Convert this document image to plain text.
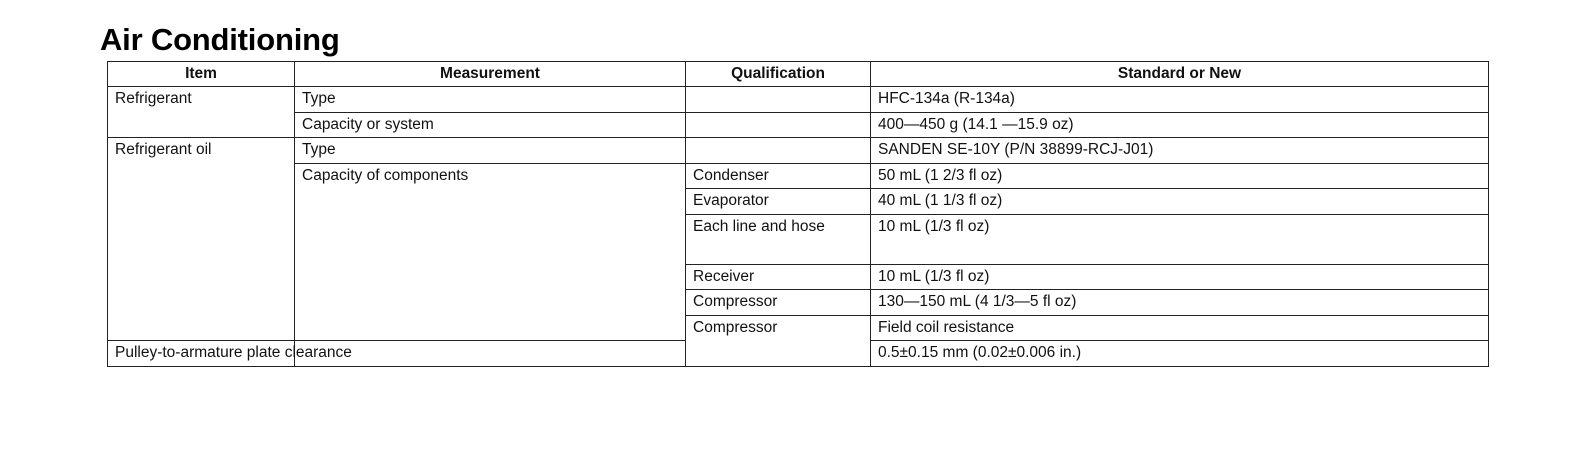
Air Conditioning
Item	Measurement	Qualification	Standard or New	
Refrigerant	Type		HFC-134a (R-134a)	
	Capacity or system		400—450 g (14.1 —15.9 oz)	
Refrigerant oil	Type		SANDEN SE-10Y (P/N 38899-RCJ-J01)	
	Capacity of components	Condenser	50 mL (1 2/3 fl oz)	
		Evaporator	40 mL (1 1/3 fl oz)	
		Each line and hose	10 mL (1/3 fl oz)	
		Receiver	10 mL (1/3 fl oz)	
		Compressor	130—150 mL (4 1/3—5 fl oz)	
		Compressor	Field coil resistance		
Pulley-to-armature plate clearance			0.5±0.15 mm (0.02±0.006 in.)	
